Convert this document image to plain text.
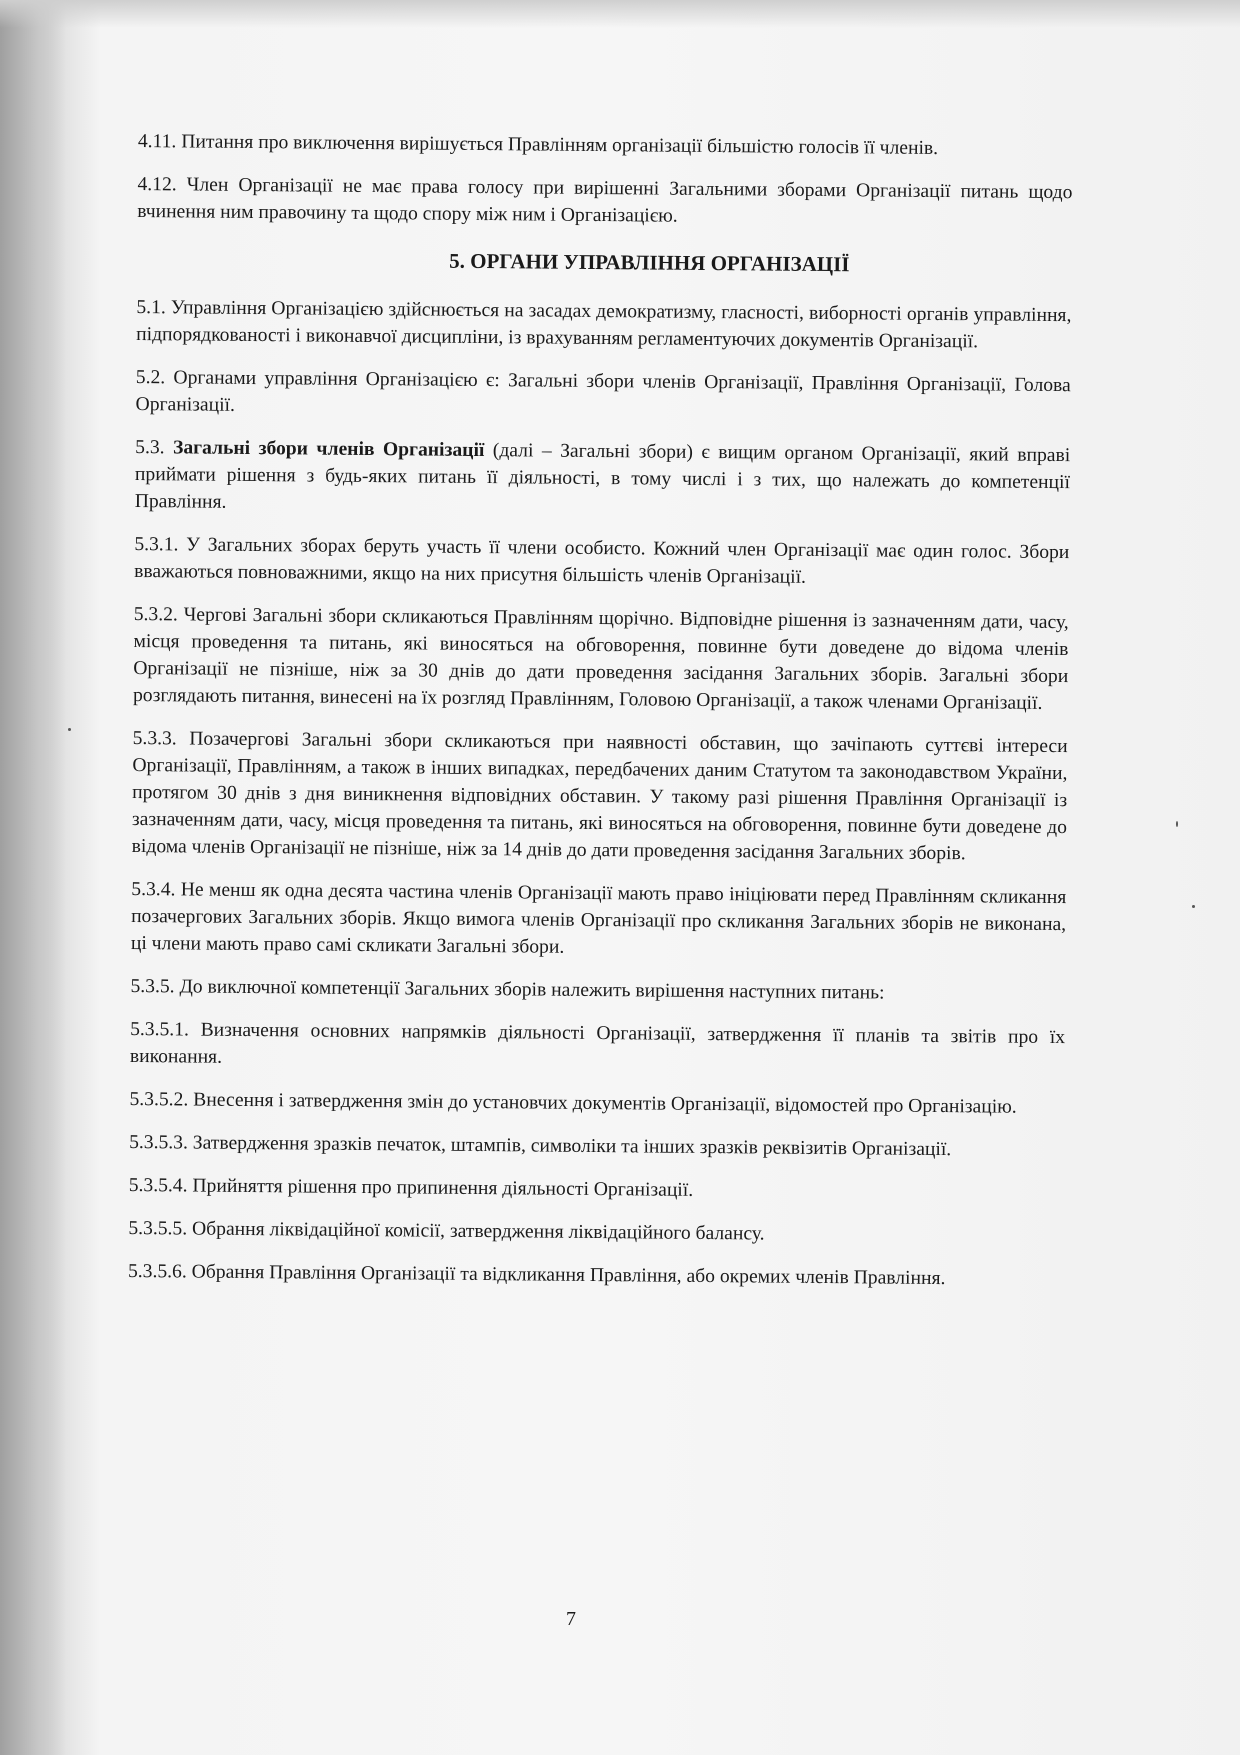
4.11. Питання про виключення вирішується Правлінням організації більшістю голосів її членів.

4.12. Член Організації не має права голосу при вирішенні Загальними зборами Організації питань щодо вчинення ним правочину та щодо спору між ним і Організацією.

5. ОРГАНИ УПРАВЛІННЯ ОРГАНІЗАЦІЇ

5.1. Управління Організацією здійснюється на засадах демократизму, гласності, виборності органів управління, підпорядкованості і виконавчої дисципліни, із врахуванням регламентуючих документів Організації.

5.2. Органами управління Організацією є: Загальні збори членів Організації, Правління Організації, Голова Організації.

5.3. Загальні збори членів Організації (далі – Загальні збори) є вищим органом Організації, який вправі приймати рішення з будь-яких питань її діяльності, в тому числі і з тих, що належать до компетенції Правління.

5.3.1. У Загальних зборах беруть участь її члени особисто. Кожний член Організації має один голос. Збори вважаються повноважними, якщо на них присутня більшість членів Організації.

5.3.2. Чергові Загальні збори скликаються Правлінням щорічно. Відповідне рішення із зазначенням дати, часу, місця проведення та питань, які виносяться на обговорення, повинне бути доведене до відома членів Організації не пізніше, ніж за 30 днів до дати проведення засідання Загальних зборів. Загальні збори розглядають питання, винесені на їх розгляд Правлінням, Головою Організації, а також членами Організації.

5.3.3. Позачергові Загальні збори скликаються при наявності обставин, що зачіпають суттєві інтереси Організації, Правлінням, а також в інших випадках, передбачених даним Статутом та законодавством України, протягом 30 днів з дня виникнення відповідних обставин. У такому разі рішення Правління Організації із зазначенням дати, часу, місця проведення та питань, які виносяться на обговорення, повинне бути доведене до відома членів Організації не пізніше, ніж за 14 днів до дати проведення засідання Загальних зборів.

5.3.4. Не менш як одна десята частина членів Організації мають право ініціювати перед Правлінням скликання позачергових Загальних зборів. Якщо вимога членів Організації про скликання Загальних зборів не виконана, ці члени мають право самі скликати Загальні збори.

5.3.5. До виключної компетенції Загальних зборів належить вирішення наступних питань:

5.3.5.1. Визначення основних напрямків діяльності Організації, затвердження її планів та звітів про їх виконання.

5.3.5.2. Внесення і затвердження змін до установчих документів Організації, відомостей про Організацію.

5.3.5.3. Затвердження зразків печаток, штампів, символіки та інших зразків реквізитів Організації.

5.3.5.4. Прийняття рішення про припинення діяльності Організації.

5.3.5.5. Обрання ліквідаційної комісії, затвердження ліквідаційного балансу.

5.3.5.6. Обрання Правління Організації та відкликання Правління, або окремих членів Правління.

7
